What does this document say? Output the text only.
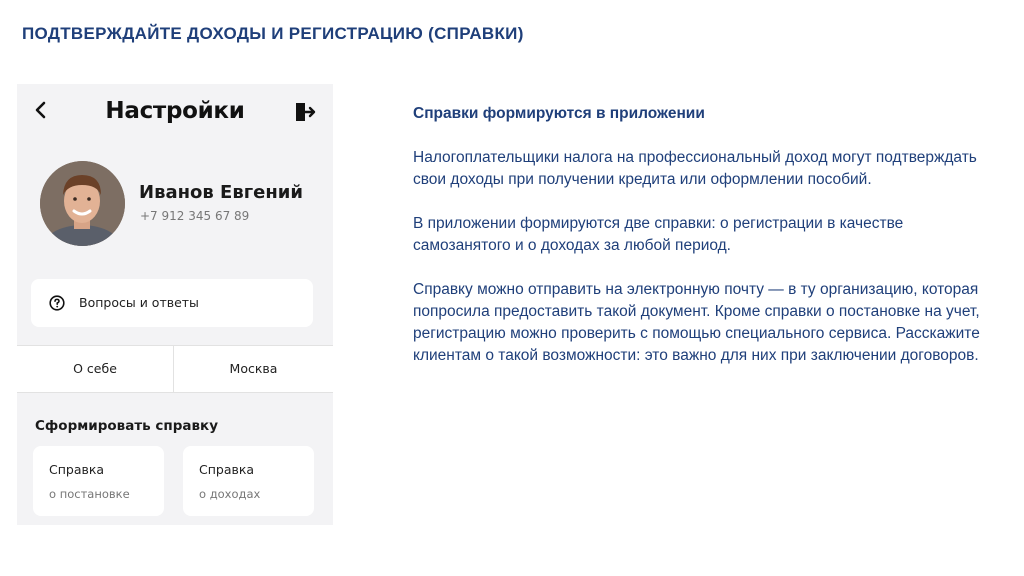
ПОДТВЕРЖДАЙТЕ ДОХОДЫ И РЕГИСТРАЦИЮ (СПРАВКИ)
Настройки
Иванов Евгений
+7 912 345 67 89
Вопросы и ответы
О себе	Москва
Сформировать справку
Справка
о постановке
Справка
о доходах

Справки формируются в приложении

Налогоплательщики налога на профессиональный доход могут подтверждать свои доходы при получении кредита или оформлении пособий.

В приложении формируются две справки: о регистрации в качестве самозанятого и о доходах за любой период.

Справку можно отправить на электронную почту — в ту организацию, которая попросила предоставить такой документ. Кроме справки о постановке на учет, регистрацию можно проверить с помощью специального сервиса. Расскажите клиентам о такой возможности: это важно для них при заключении договоров.
